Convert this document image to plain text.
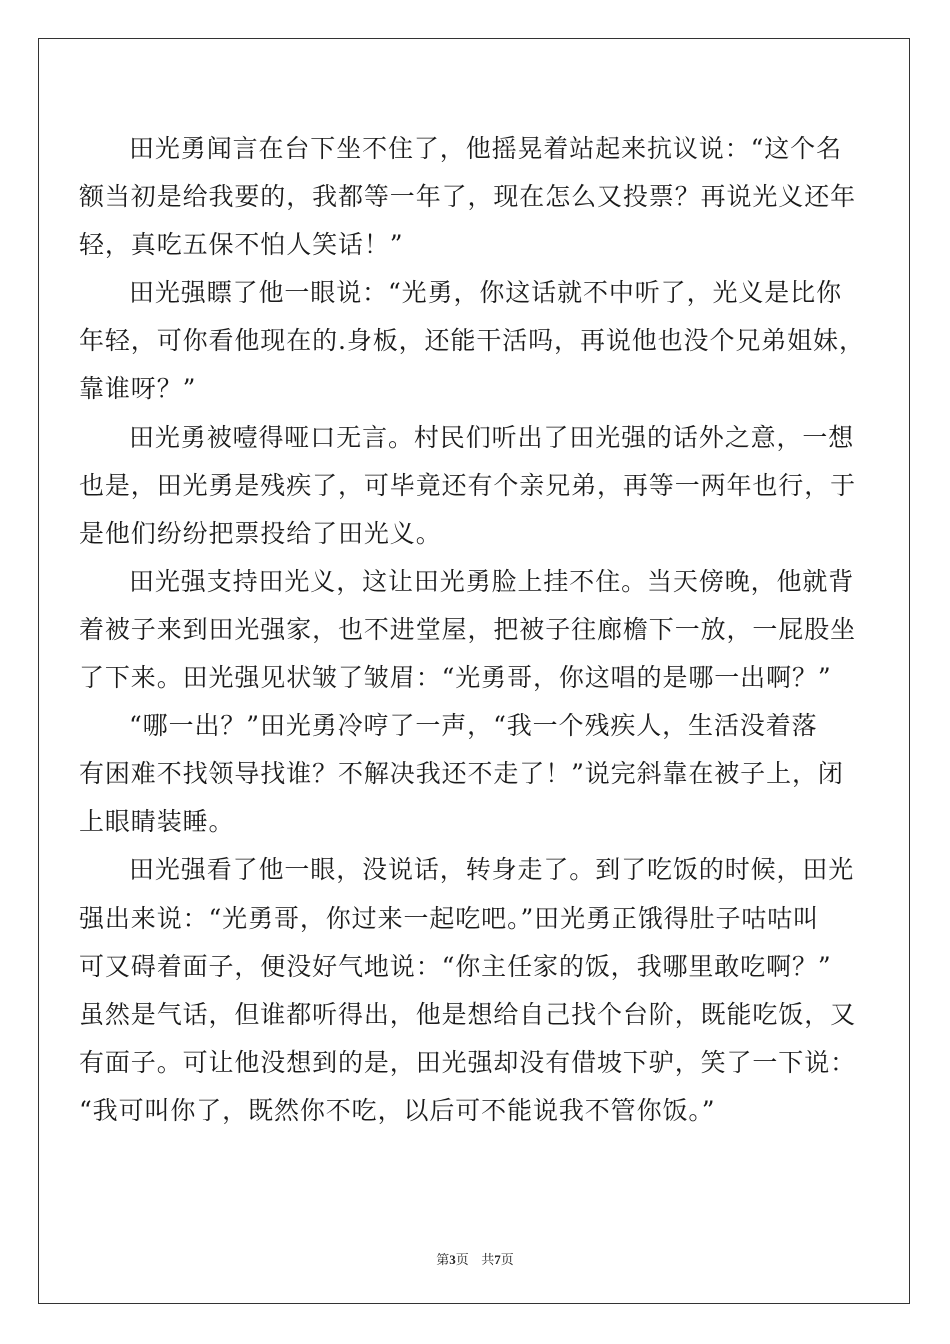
田光勇闻言在台下坐不住了，他摇晃着站起来抗议说：“这个名
额当初是给我要的，我都等一年了，现在怎么又投票？再说光义还年
轻，真吃五保不怕人笑话！”

田光强瞟了他一眼说：“光勇，你这话就不中听了，光义是比你
年轻，可你看他现在的.身板，还能干活吗，再说他也没个兄弟姐妹，
靠谁呀？”

田光勇被噎得哑口无言。村民们听出了田光强的话外之意，一想
也是，田光勇是残疾了，可毕竟还有个亲兄弟，再等一两年也行，于
是他们纷纷把票投给了田光义。

田光强支持田光义，这让田光勇脸上挂不住。当天傍晚，他就背
着被子来到田光强家，也不进堂屋，把被子往廊檐下一放，一屁股坐
了下来。田光强见状皱了皱眉：“光勇哥，你这唱的是哪一出啊？”

“哪一出？”田光勇冷哼了一声，“我一个残疾人，生活没着落
有困难不找领导找谁？不解决我还不走了！”说完斜靠在被子上，闭
上眼睛装睡。

田光强看了他一眼，没说话，转身走了。到了吃饭的时候，田光
强出来说：“光勇哥，你过来一起吃吧。”田光勇正饿得肚子咕咕叫
可又碍着面子，便没好气地说：“你主任家的饭，我哪里敢吃啊？”
虽然是气话，但谁都听得出，他是想给自己找个台阶，既能吃饭，又
有面子。可让他没想到的是，田光强却没有借坡下驴，笑了一下说：
“我可叫你了，既然你不吃，以后可不能说我不管你饭。”

第3页 共7页
